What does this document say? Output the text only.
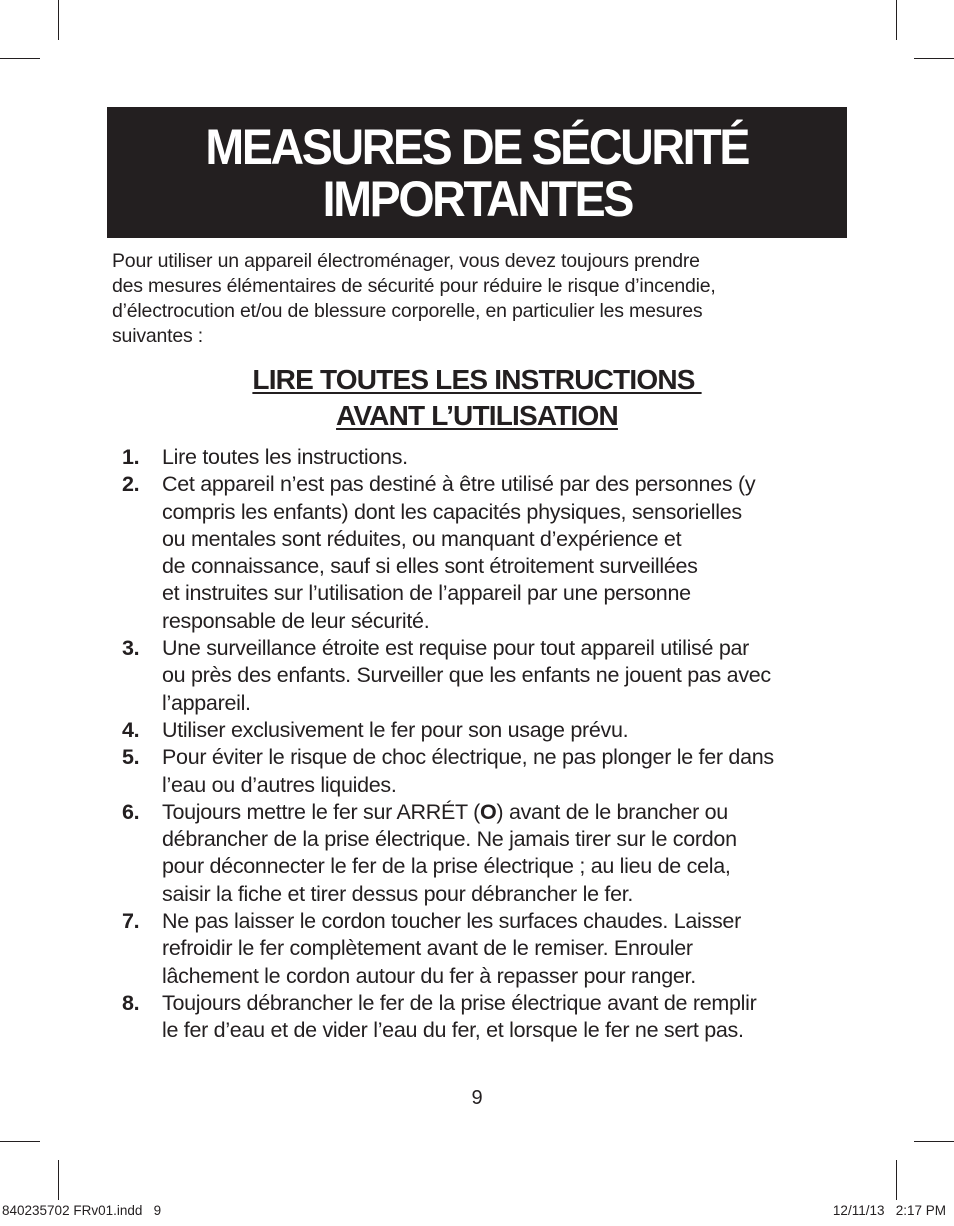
MEASURES DE SÉCURITÉ
IMPORTANTES
Pour utiliser un appareil électroménager, vous devez toujours prendre
des mesures élémentaires de sécurité pour réduire le risque d’incendie,
d’électrocution et/ou de blessure corporelle, en particulier les mesures
suivantes :
LIRE TOUTES LES INSTRUCTIONS
AVANT L’UTILISATION
1. Lire toutes les instructions.
2. Cet appareil n’est pas destiné à être utilisé par des personnes (y
compris les enfants) dont les capacités physiques, sensorielles
ou mentales sont réduites, ou manquant d’expérience et
de connaissance, sauf si elles sont étroitement surveillées
et instruites sur l’utilisation de l’appareil par une personne
responsable de leur sécurité.
3. Une surveillance étroite est requise pour tout appareil utilisé par
ou près des enfants. Surveiller que les enfants ne jouent pas avec
l’appareil.
4. Utiliser exclusivement le fer pour son usage prévu.
5. Pour éviter le risque de choc électrique, ne pas plonger le fer dans
l’eau ou d’autres liquides.
6. Toujours mettre le fer sur ARRÉT (O) avant de le brancher ou
débrancher de la prise électrique. Ne jamais tirer sur le cordon
pour déconnecter le fer de la prise électrique ; au lieu de cela,
saisir la fiche et tirer dessus pour débrancher le fer.
7. Ne pas laisser le cordon toucher les surfaces chaudes. Laisser
refroidir le fer complètement avant de le remiser. Enrouler
lâchement le cordon autour du fer à repasser pour ranger.
8. Toujours débrancher le fer de la prise électrique avant de remplir
le fer d’eau et de vider l’eau du fer, et lorsque le fer ne sert pas.
9
840235702 FRv01.indd   9	12/11/13   2:17 PM
